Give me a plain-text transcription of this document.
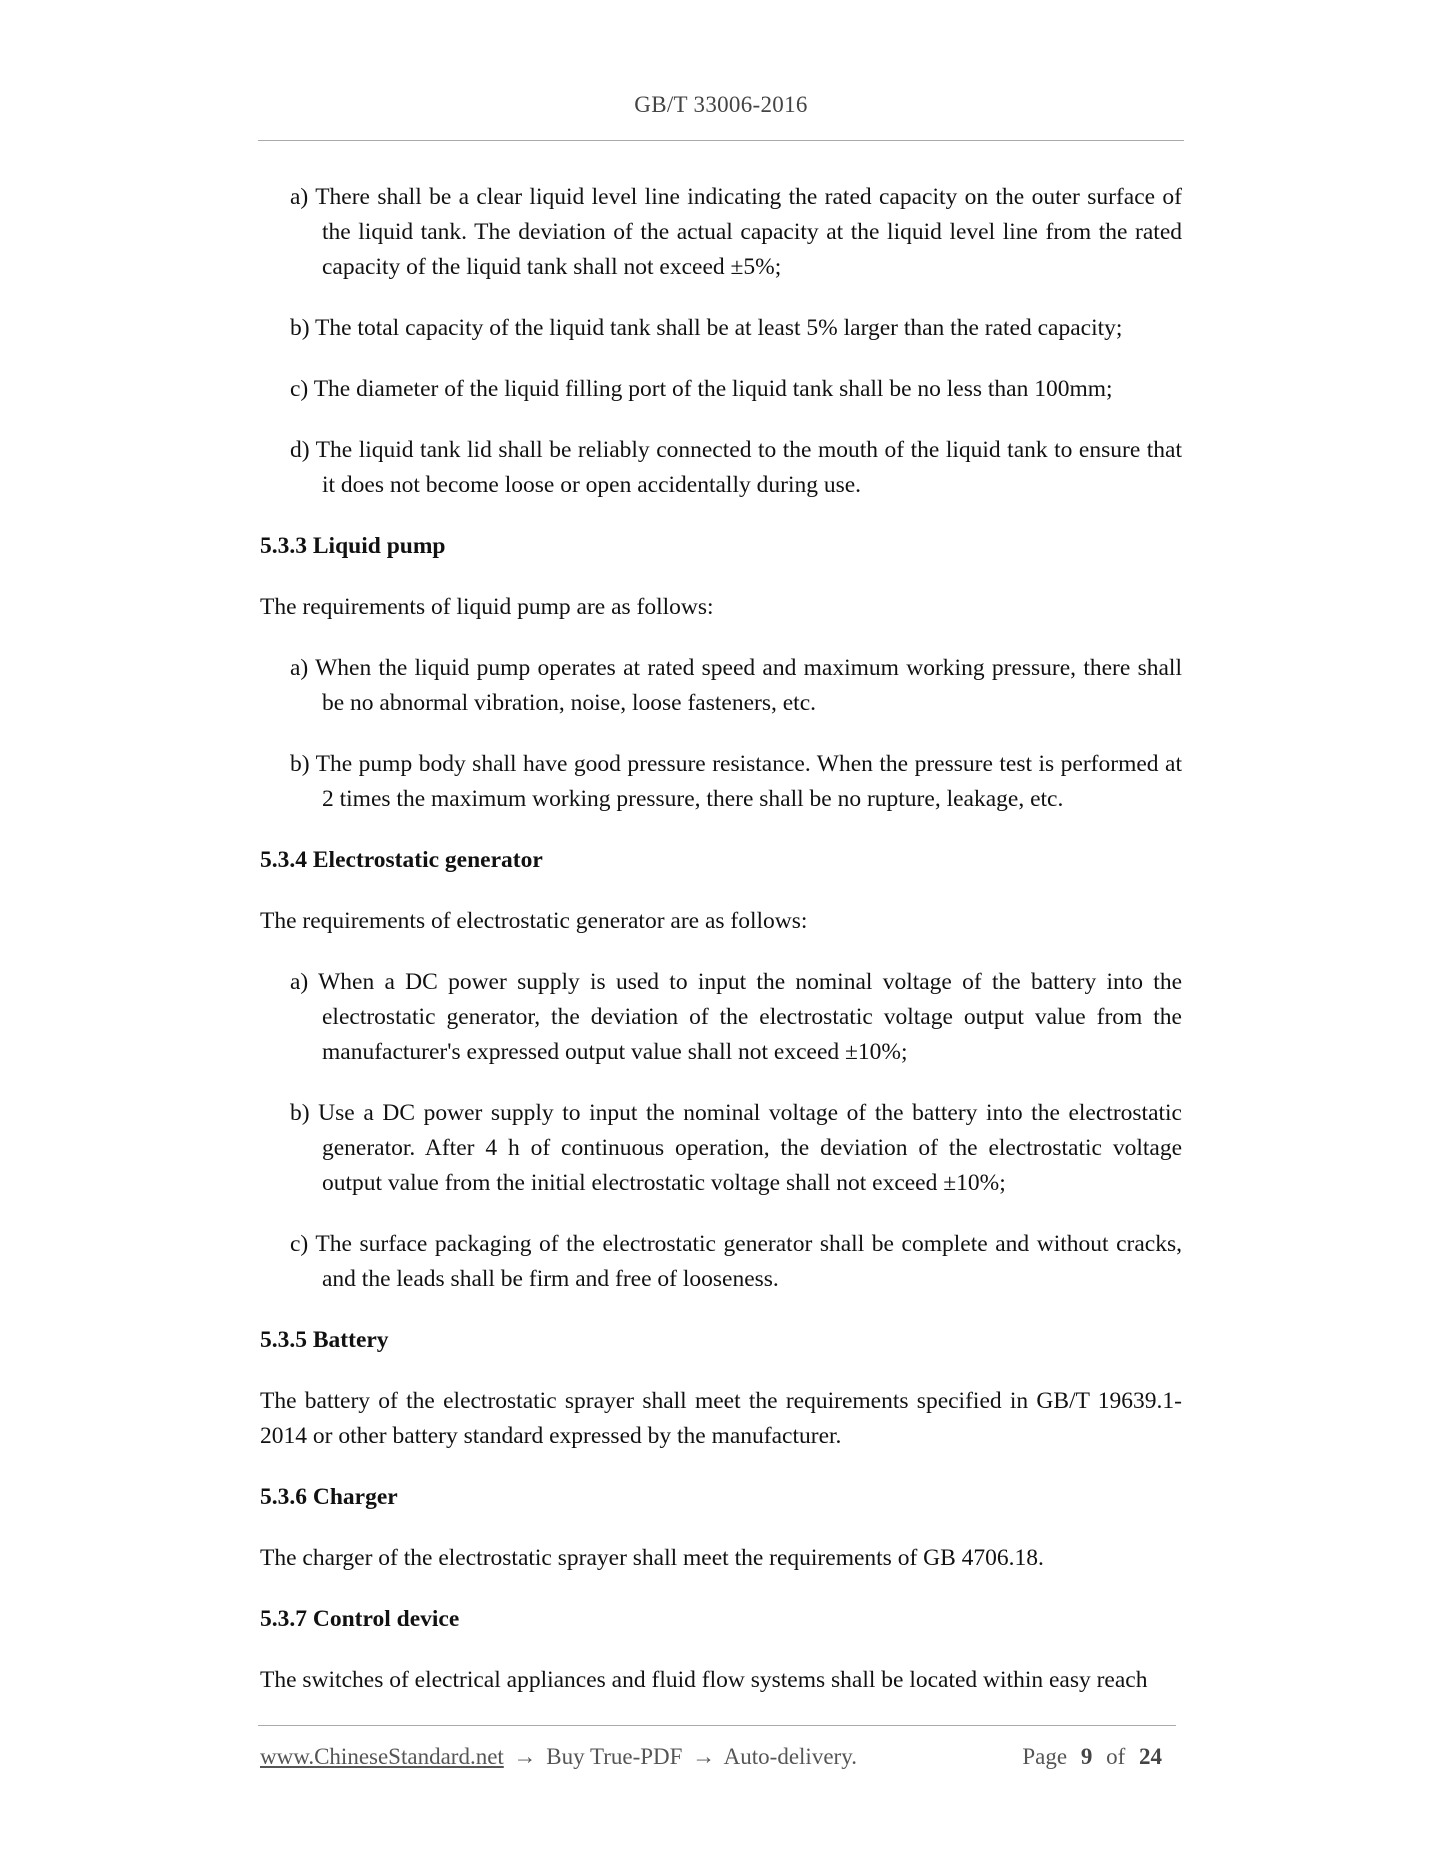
GB/T 33006-2016

a) There shall be a clear liquid level line indicating the rated capacity on the outer surface of the liquid tank. The deviation of the actual capacity at the liquid level line from the rated capacity of the liquid tank shall not exceed ±5%;

b) The total capacity of the liquid tank shall be at least 5% larger than the rated capacity;

c) The diameter of the liquid filling port of the liquid tank shall be no less than 100mm;

d) The liquid tank lid shall be reliably connected to the mouth of the liquid tank to ensure that it does not become loose or open accidentally during use.

5.3.3 Liquid pump

The requirements of liquid pump are as follows:

a) When the liquid pump operates at rated speed and maximum working pressure, there shall be no abnormal vibration, noise, loose fasteners, etc.

b) The pump body shall have good pressure resistance. When the pressure test is performed at 2 times the maximum working pressure, there shall be no rupture, leakage, etc.

5.3.4 Electrostatic generator

The requirements of electrostatic generator are as follows:

a) When a DC power supply is used to input the nominal voltage of the battery into the electrostatic generator, the deviation of the electrostatic voltage output value from the manufacturer's expressed output value shall not exceed ±10%;

b) Use a DC power supply to input the nominal voltage of the battery into the electrostatic generator. After 4 h of continuous operation, the deviation of the electrostatic voltage output value from the initial electrostatic voltage shall not exceed ±10%;

c) The surface packaging of the electrostatic generator shall be complete and without cracks, and the leads shall be firm and free of looseness.

5.3.5 Battery

The battery of the electrostatic sprayer shall meet the requirements specified in GB/T 19639.1-2014 or other battery standard expressed by the manufacturer.

5.3.6 Charger

The charger of the electrostatic sprayer shall meet the requirements of GB 4706.18.

5.3.7 Control device

The switches of electrical appliances and fluid flow systems shall be located within easy reach

www.ChineseStandard.net → Buy True-PDF → Auto-delivery.	Page 9 of 24
